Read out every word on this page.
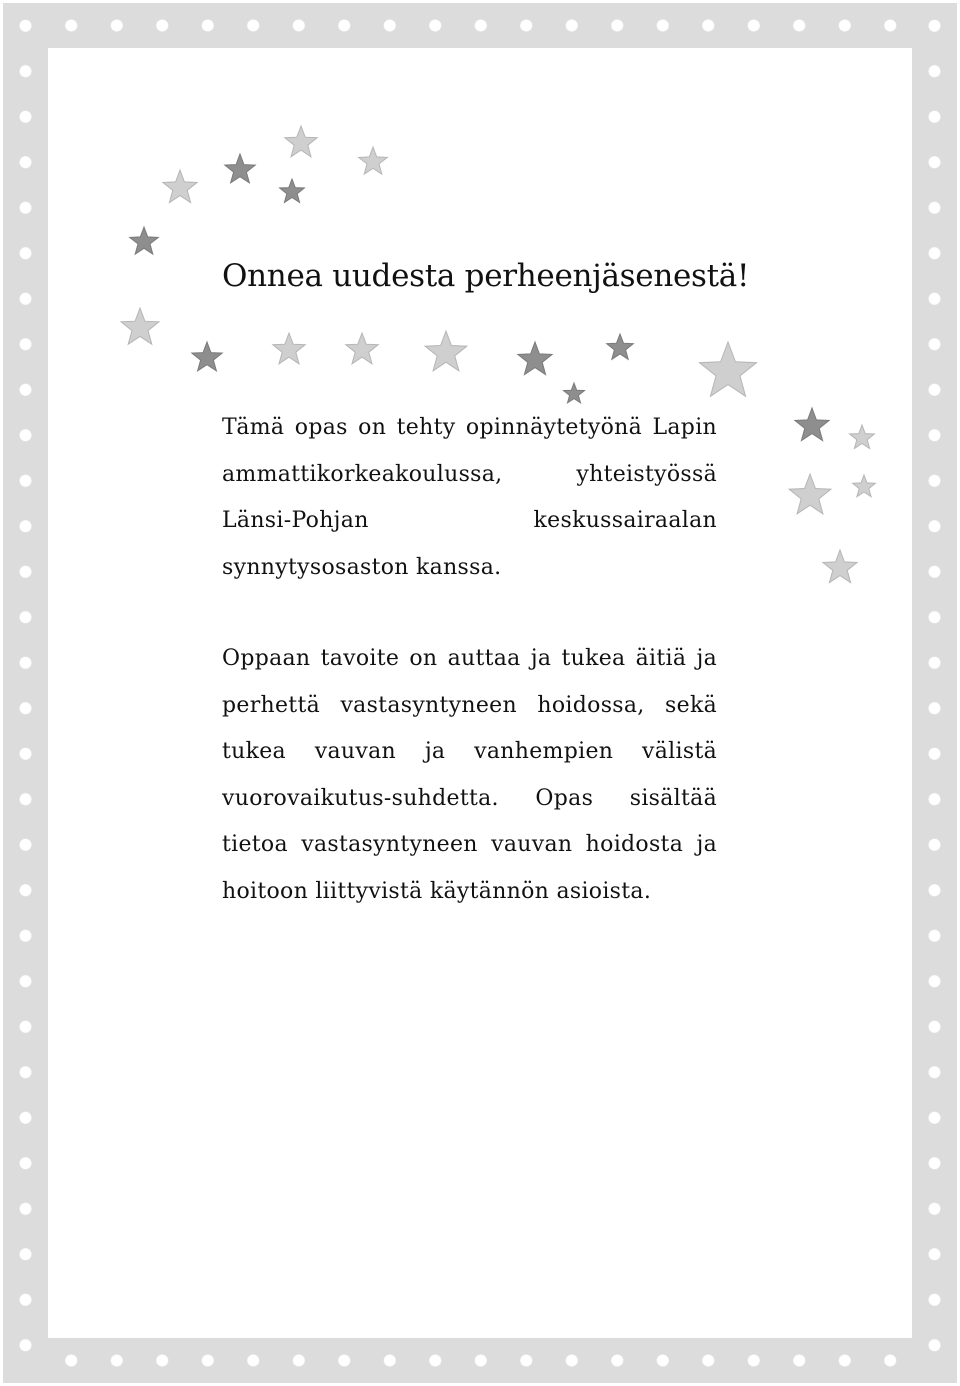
Onnea uudesta perheenjäsenestä!

Tämä opas on tehty opinnäytetyönä Lapin ammattikorkeakoulussa, yhteistyössä Länsi-Pohjan keskussairaalan synnytysosaston kanssa.

Oppaan tavoite on auttaa ja tukea äitiä ja perhettä vastasyntyneen hoidossa, sekä tukea vauvan ja vanhempien välistä vuorovaikutus-suhdetta. Opas sisältää tietoa vastasyntyneen vauvan hoidosta ja hoitoon liittyvistä käytännön asioista.
